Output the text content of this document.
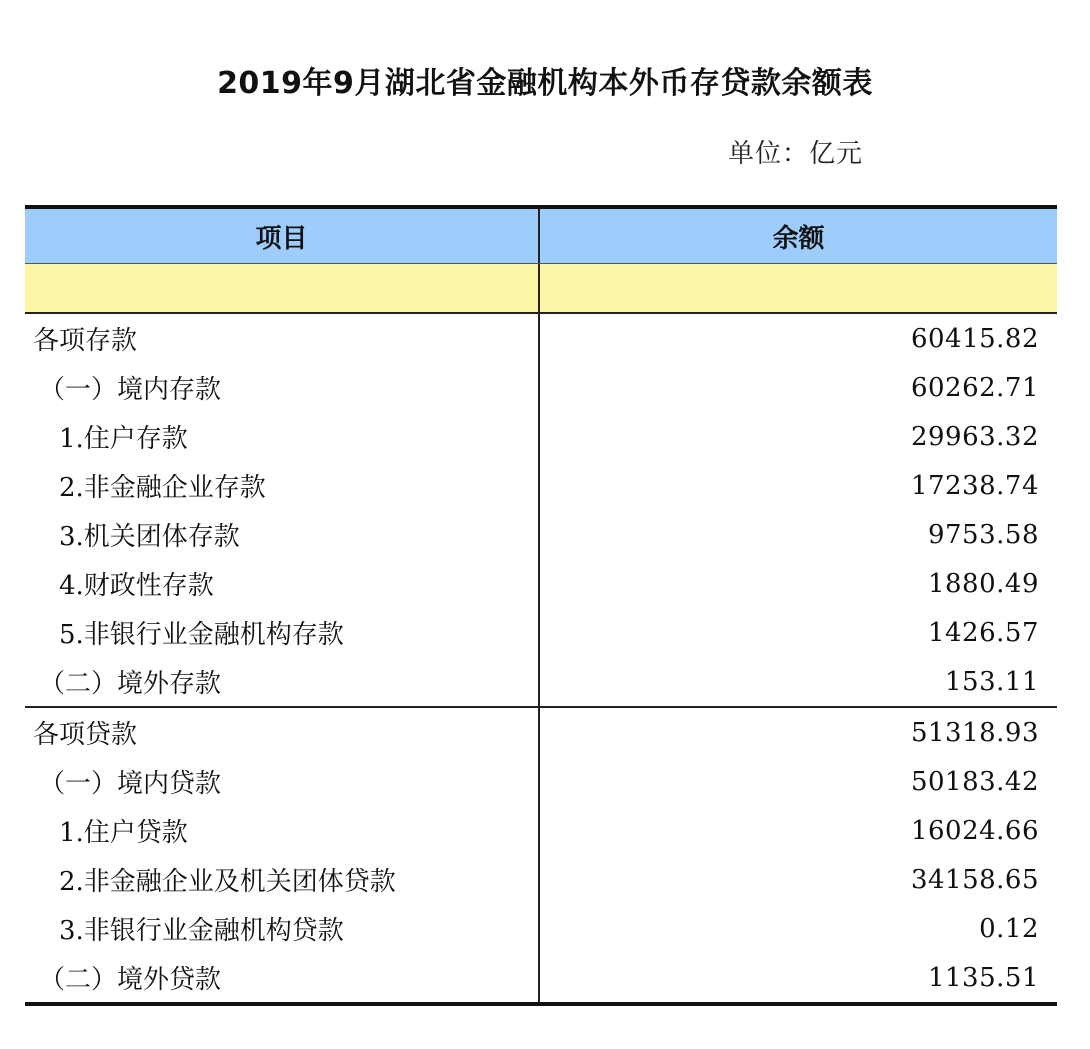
2019年9月湖北省金融机构本外币存贷款余额表
单位：亿元
项目	余额
各项存款	60415.82
（一）境内存款	60262.71
1.住户存款	29963.32
2.非金融企业存款	17238.74
3.机关团体存款	9753.58
4.财政性存款	1880.49
5.非银行业金融机构存款	1426.57
（二）境外存款	153.11
各项贷款	51318.93
（一）境内贷款	50183.42
1.住户贷款	16024.66
2.非金融企业及机关团体贷款	34158.65
3.非银行业金融机构贷款	0.12
（二）境外贷款	1135.51
